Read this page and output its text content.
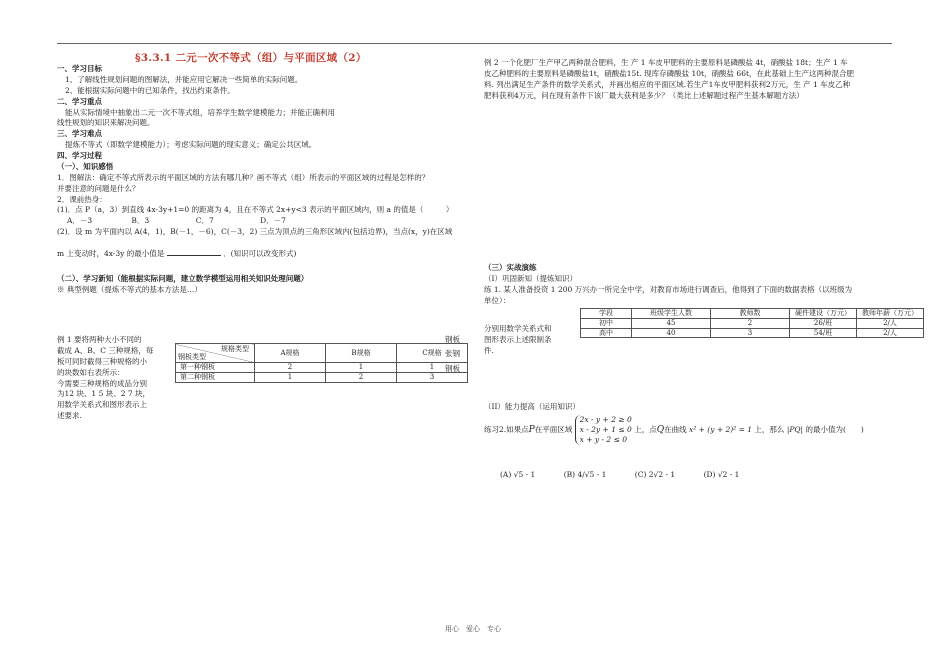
§3.3.1 二元一次不等式（组）与平面区域（2）
一、学习目标
1、了解线性规划问题的图解法，并能应用它解决一些简单的实际问题。
2、能根据实际问题中的已知条件，找出约束条件。
二、学习重点
能从实际情境中抽象出二元一次不等式组，培养学生数学建模能力；并能正确利用
线性规划的知识来解决问题。
三、学习难点
提炼不等式（即数学建模能力）；考虑实际问题的现实意义；确定公共区域。
四、学习过程
（一）、知识感悟
1．图解法：确定不等式所表示的平面区域的方法有哪几种？画不等式（组）所表示的平面区域的过程是怎样的？
并要注意的问题是什么？
2．课前热身：
(1)．点 P（a，3）到直线 4x-3y+1=0 的距离为 4，且在不等式 2x+y<3 表示的平面区域内，则 a 的值是（　　　）
A．－3	B．3	C．7	D．－7
(2)．设 m 为平面内以 A(4，1)，B(－1，－6)，C(－3，2) 三点为顶点的三角形区域内(包括边界)，当点(x，y)在区域
m 上变动时，4x-3y 的最小值是	．(知识可以改变形式)
（二）、学习新知（能根据实际问题，建立数学模型运用相关知识处理问题）
※ 典型例题（提炼不等式的基本方法是…）
例 1 要将两种大小不同的
截成 A、B、C 三种规格，每
板可同时截得三种规格的小
的块数如右表所示：
今需要三种规格的成品分别
为12 块、1 5 块、2 7 块，
用数学关系式和图形表示上
述要求.
规格类型
钢板类型	A规格	B规格	C规格
第一种钢板	2	1	1
第二种钢板	1	2	3
钢板
张钢
钢板
例 2 一个化肥厂生产甲乙两种混合肥料，生 产 1 车皮甲肥料的主要原料是磷酸盐 4t，硝酸盐 18t；生产 1 车
皮乙种肥料的主要原料是磷酸盐1t，硝酸盐15t. 现库存磷酸盐 10t，硝酸盐 66t，在此基础上生产这两种混合肥
料. 列出满足生产条件的数学关系式，并画出相应的平面区域.若生产1车皮甲肥料获利2万元，生 产 1 车皮乙种
肥料获利4万元，问在现有条件下该厂最大获利是多少？（类比上述解题过程产生基本解题方法）
（三）实战演练
（I）巩固新知（提炼知识）
练 1. 某人准备投资 1 200 万兴办一所完全中学，对教育市场进行调查后，他得到了下面的数据表格（以班级为
单位）：
分别用数学关系式和
图形表示上述限制条
件.
学段	班级学生人数	教师数	硬件建设（万元）	教师年薪（万元）
初中	45	2	26/班	2/人
高中	40	3	54/班	2/人
（II）能力提高（运用知识）
练习2.如果点P在平面区域
2x - y + 2 ≥ 0
x - 2y + 1 ≤ 0
x + y - 2 ≤ 0
上，点Q在曲线 x² + (y + 2)² = 1 上，那么 |PQ| 的最小值为(　　)
(A) √5 - 1	(B) 4/√5 - 1	(C) 2√2 - 1	(D) √2 - 1
用心　爱心　专心
